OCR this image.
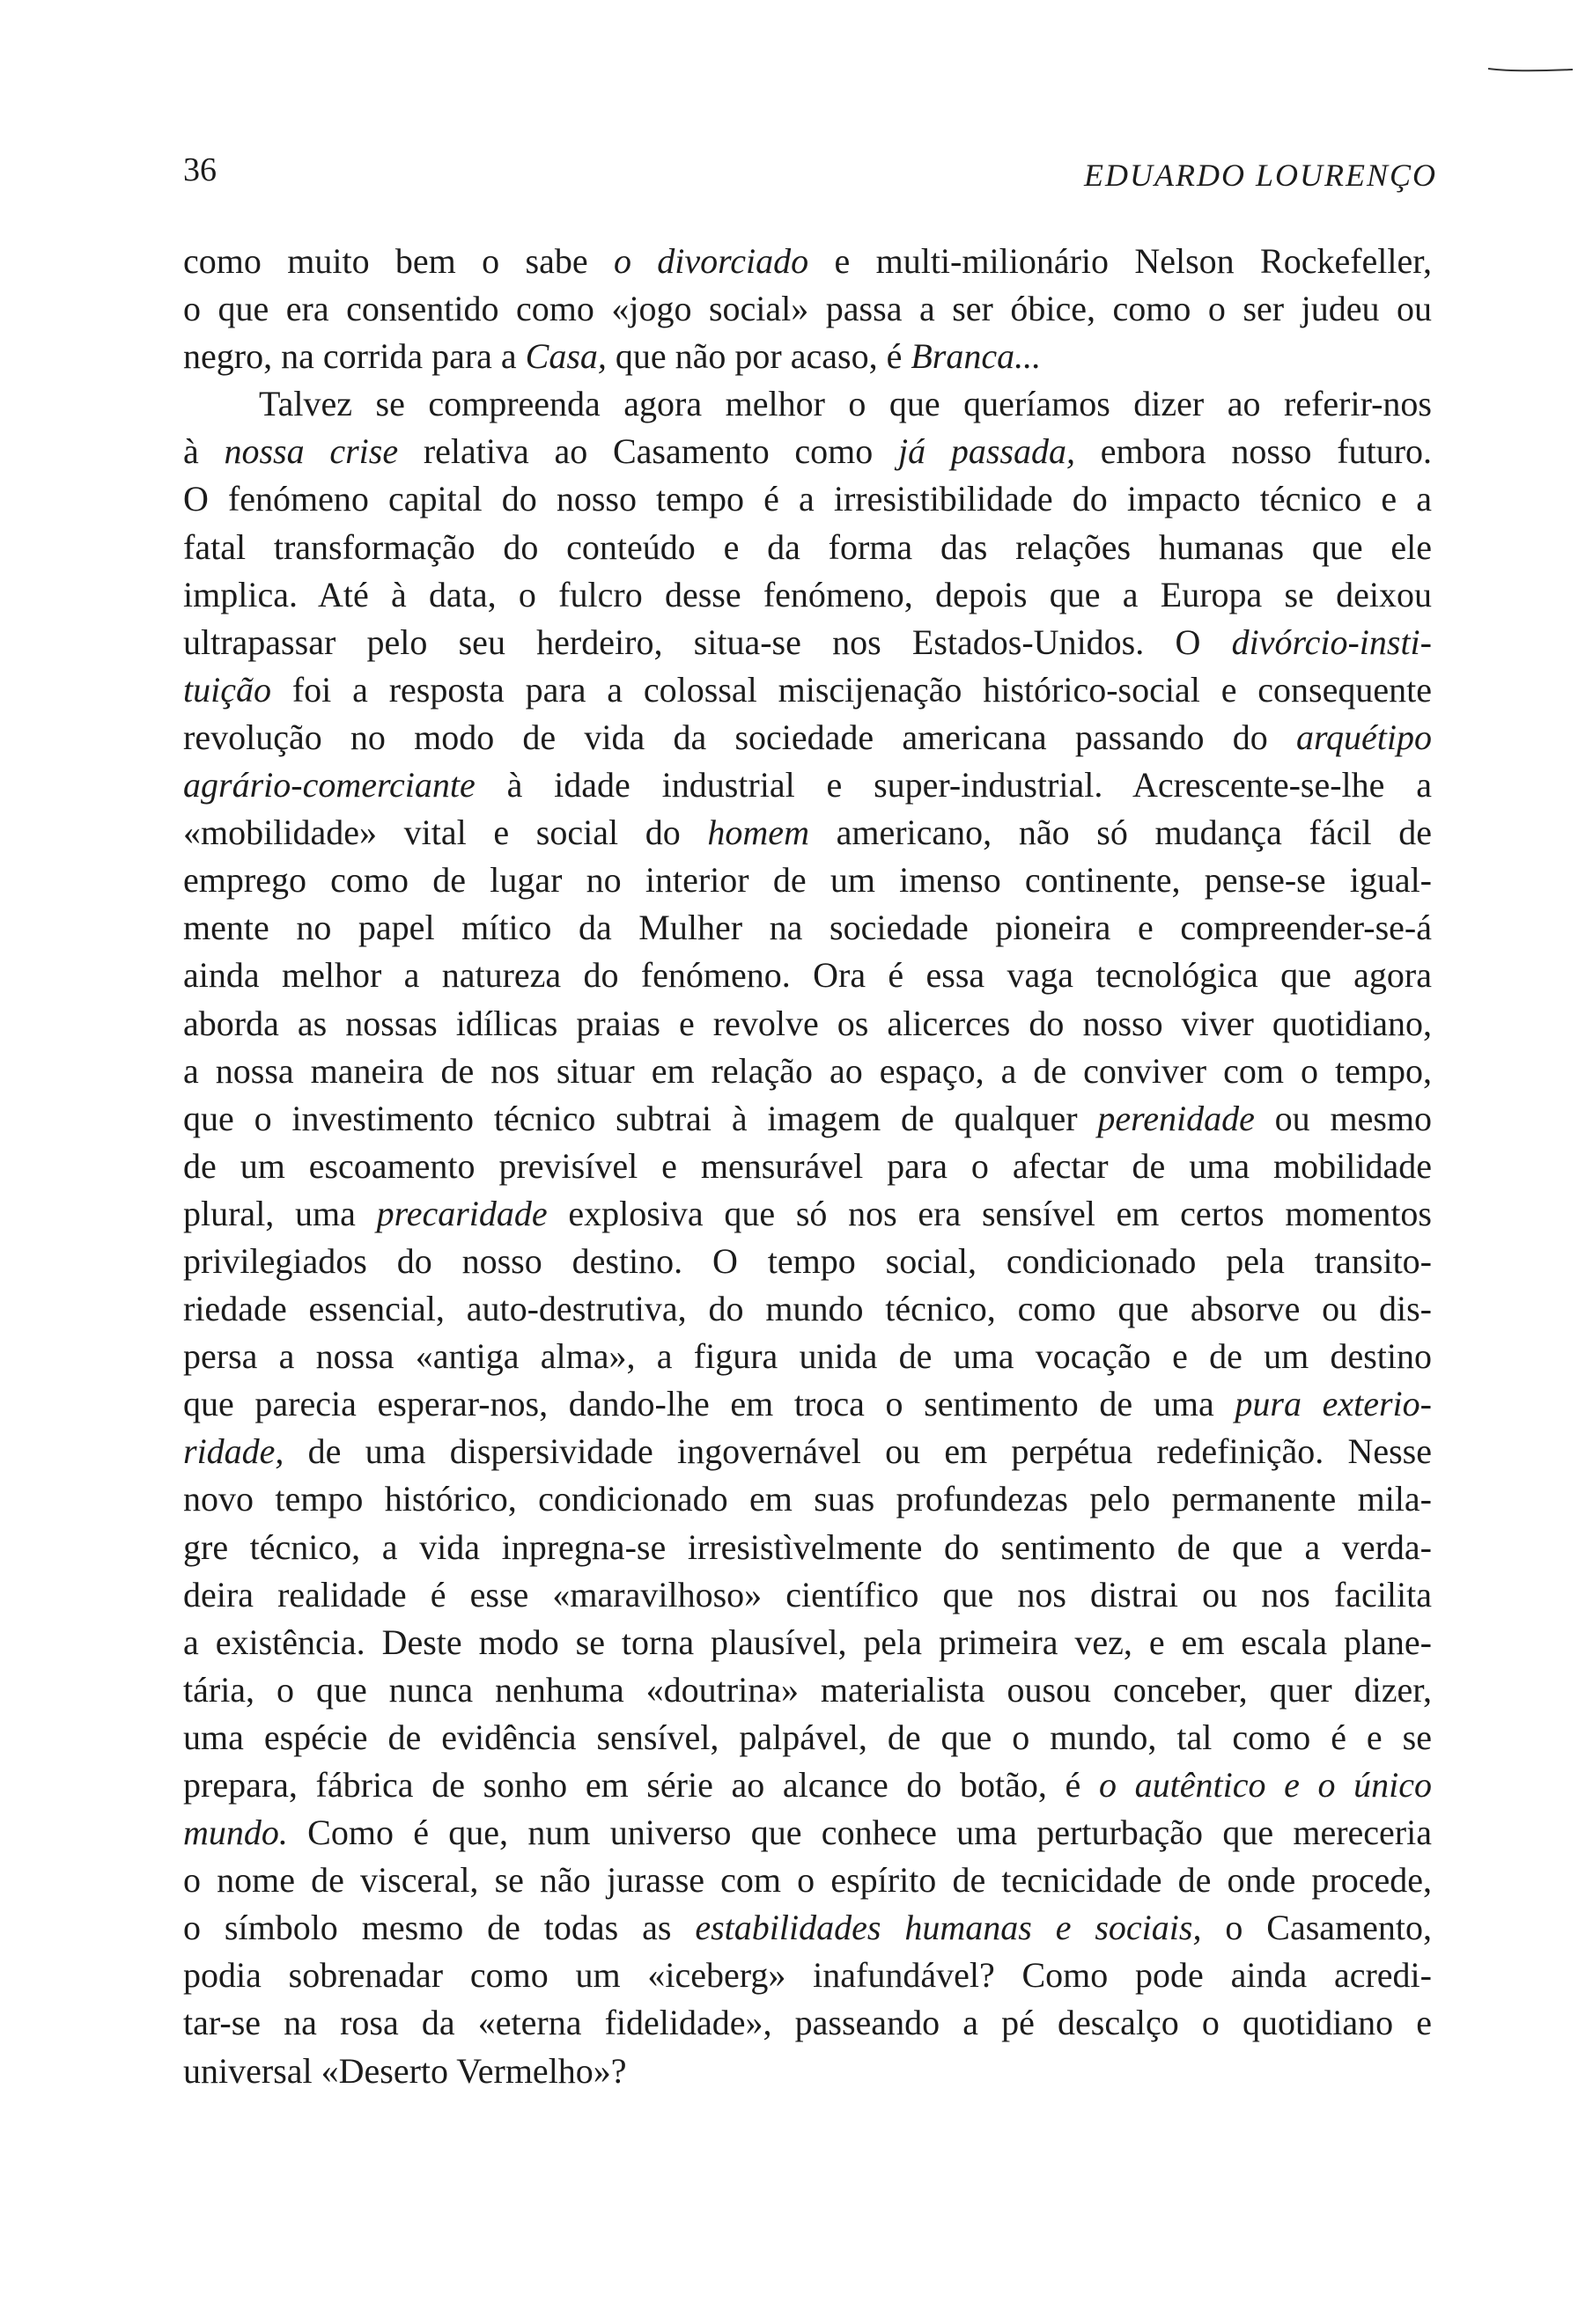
36	EDUARDO LOURENÇO

como muito bem o sabe o divorciado e multi-milionário Nelson Rockefeller,

o que era consentido como «jogo social» passa a ser óbice, como o ser judeu ou

negro, na corrida para a Casa, que não por acaso, é Branca...

Talvez se compreenda agora melhor o que queríamos dizer ao referir-nos

à nossa crise relativa ao Casamento como já passada, embora nosso futuro.

O fenómeno capital do nosso tempo é a irresistibilidade do impacto técnico e a

fatal transformação do conteúdo e da forma das relações humanas que ele

implica. Até à data, o fulcro desse fenómeno, depois que a Europa se deixou

ultrapassar pelo seu herdeiro, situa-se nos Estados-Unidos. O divórcio-insti-

tuição foi a resposta para a colossal miscijenação histórico-social e consequente

revolução no modo de vida da sociedade americana passando do arquétipo

agrário-comerciante à idade industrial e super-industrial. Acrescente-se-lhe a

«mobilidade» vital e social do homem americano, não só mudança fácil de

emprego como de lugar no interior de um imenso continente, pense-se igual-

mente no papel mítico da Mulher na sociedade pioneira e compreender-se-á

ainda melhor a natureza do fenómeno. Ora é essa vaga tecnológica que agora

aborda as nossas idílicas praias e revolve os alicerces do nosso viver quotidiano,

a nossa maneira de nos situar em relação ao espaço, a de conviver com o tempo,

que o investimento técnico subtrai à imagem de qualquer perenidade ou mesmo

de um escoamento previsível e mensurável para o afectar de uma mobilidade

plural, uma precaridade explosiva que só nos era sensível em certos momentos

privilegiados do nosso destino. O tempo social, condicionado pela transito-

riedade essencial, auto-destrutiva, do mundo técnico, como que absorve ou dis-

persa a nossa «antiga alma», a figura unida de uma vocação e de um destino

que parecia esperar-nos, dando-lhe em troca o sentimento de uma pura exterio-

ridade, de uma dispersividade ingovernável ou em perpétua redefinição. Nesse

novo tempo histórico, condicionado em suas profundezas pelo permanente mila-

gre técnico, a vida inpregna-se irresistìvelmente do sentimento de que a verda-

deira realidade é esse «maravilhoso» científico que nos distrai ou nos facilita

a existência. Deste modo se torna plausível, pela primeira vez, e em escala plane-

tária, o que nunca nenhuma «doutrina» materialista ousou conceber, quer dizer,

uma espécie de evidência sensível, palpável, de que o mundo, tal como é e se

prepara, fábrica de sonho em série ao alcance do botão, é o autêntico e o único

mundo. Como é que, num universo que conhece uma perturbação que mereceria

o nome de visceral, se não jurasse com o espírito de tecnicidade de onde procede,

o símbolo mesmo de todas as estabilidades humanas e sociais, o Casamento,

podia sobrenadar como um «iceberg» inafundável? Como pode ainda acredi-

tar-se na rosa da «eterna fidelidade», passeando a pé descalço o quotidiano e

universal «Deserto Vermelho»?
